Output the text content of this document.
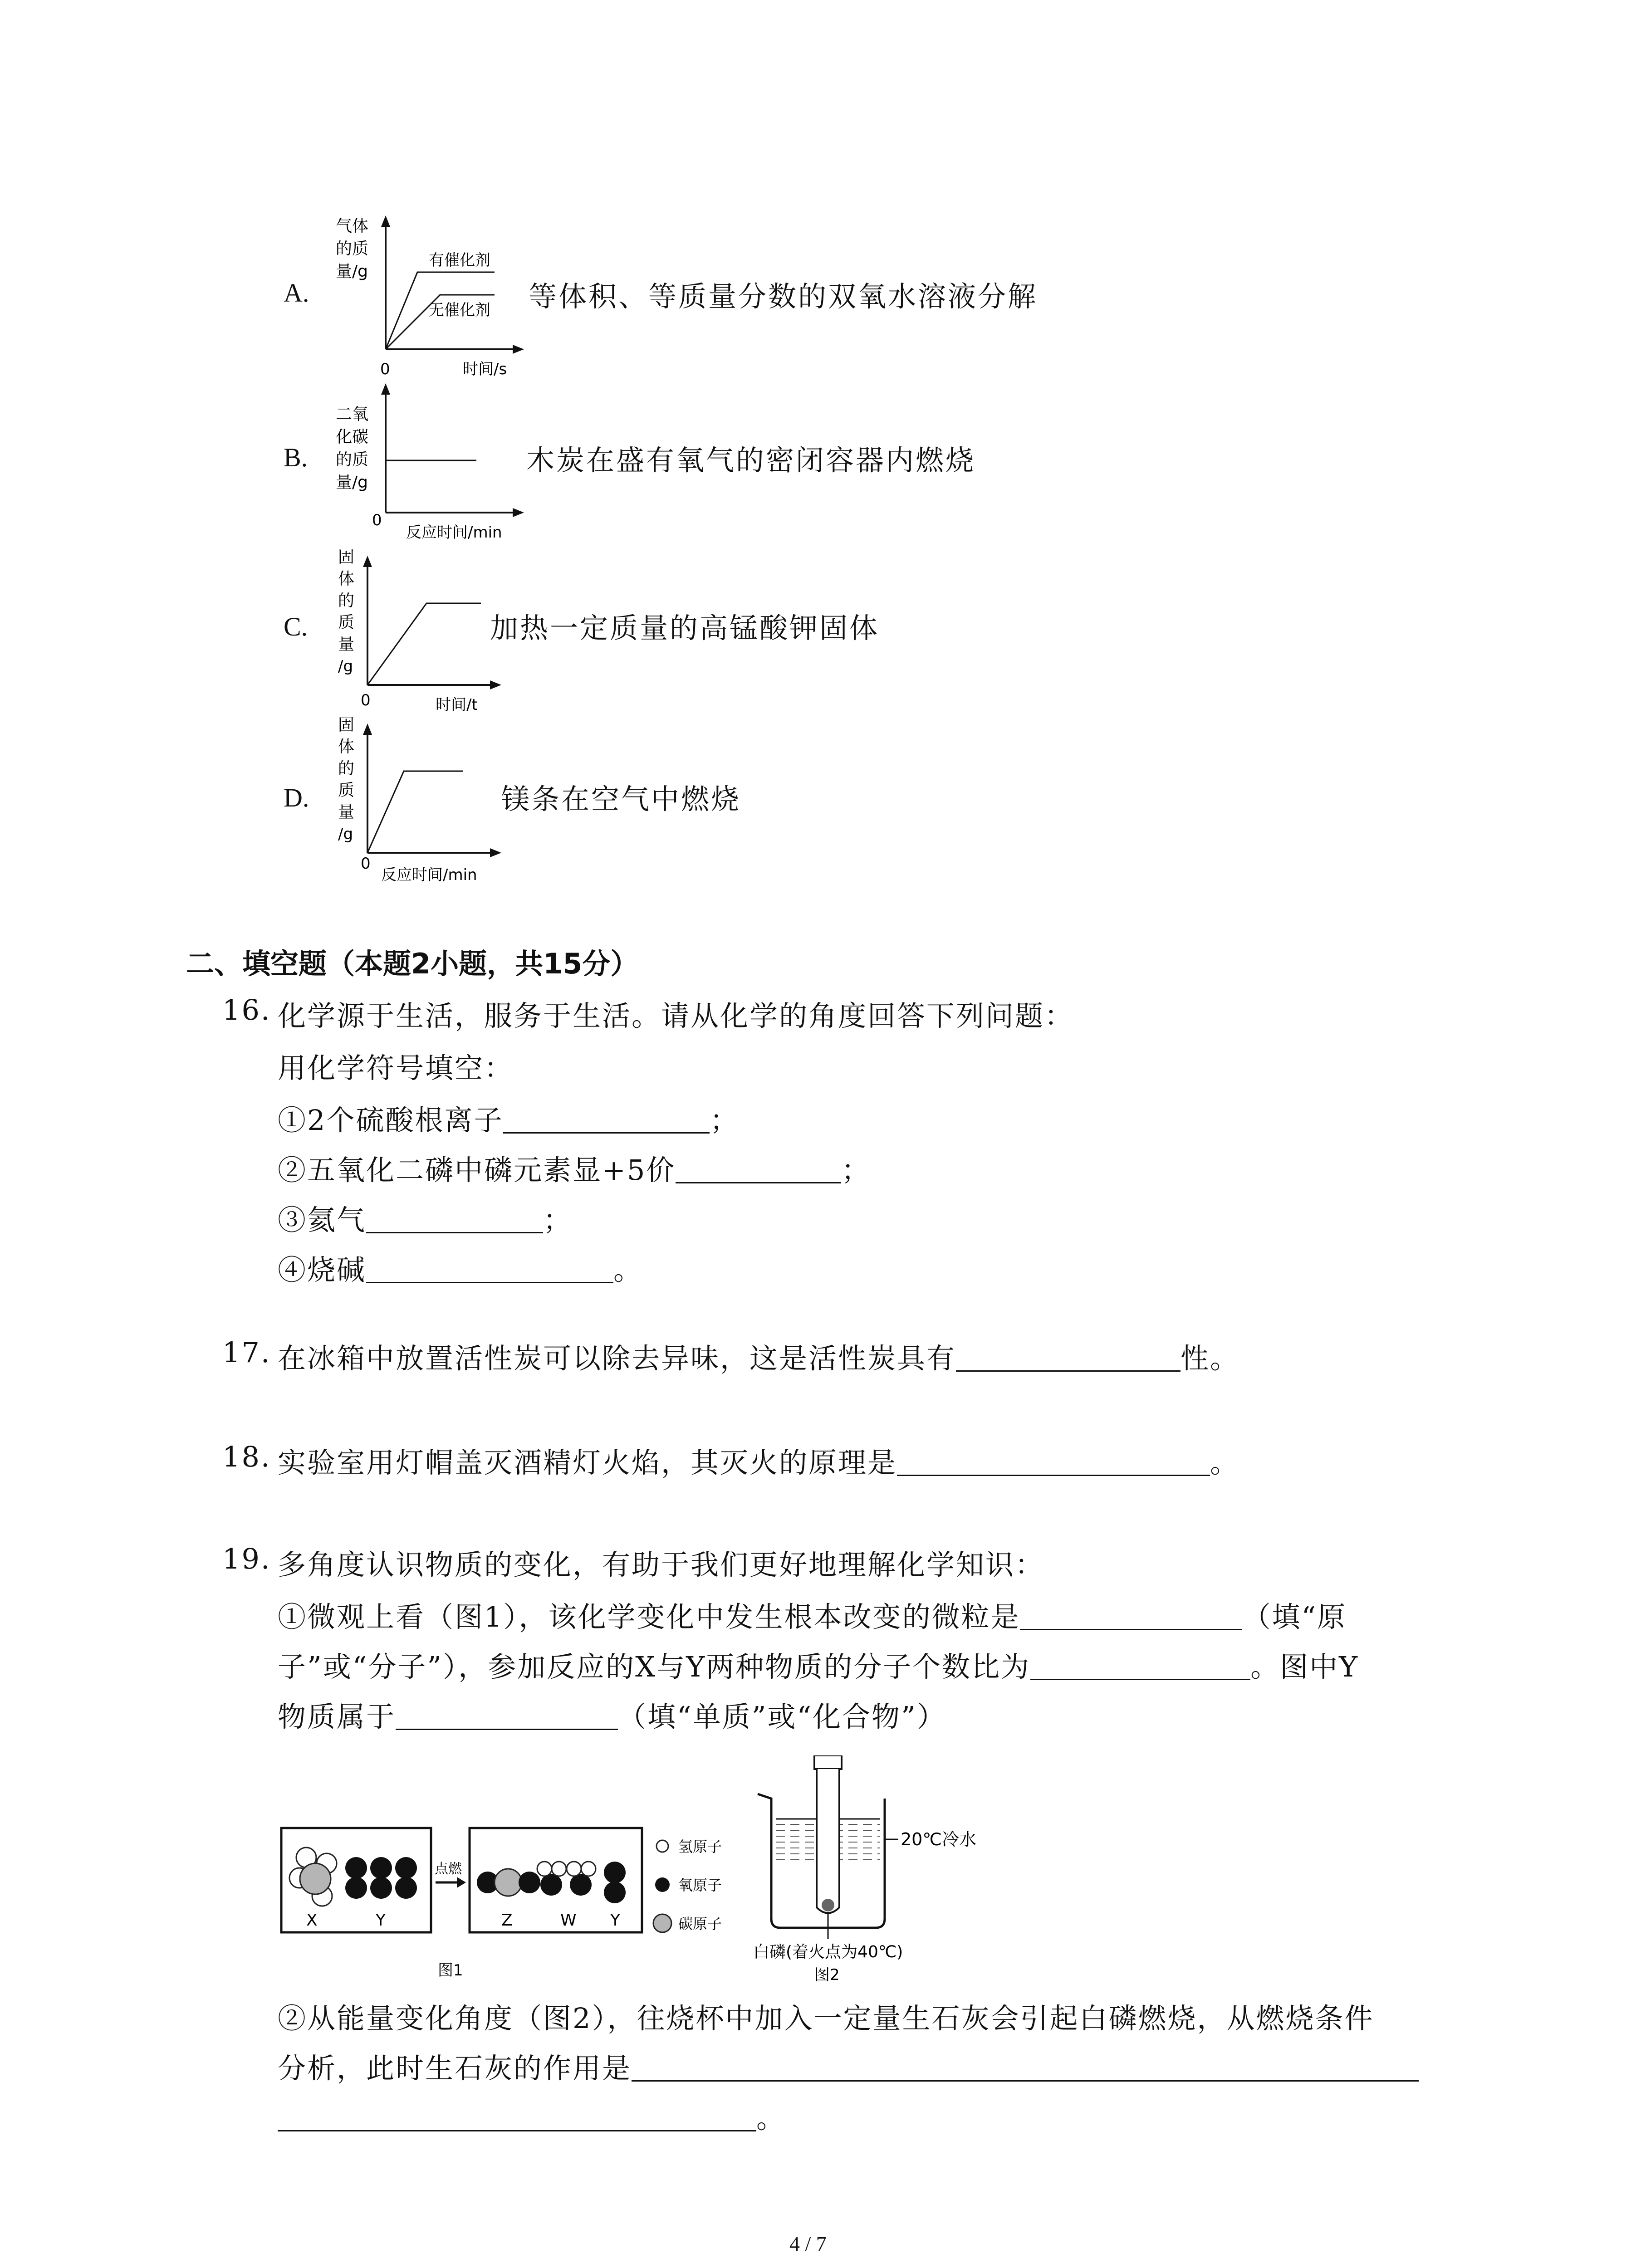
A.
气体
的质
量/g
有催化剂
无催化剂
0	时间/s
等体积、等质量分数的双氧水溶液分解
B.
二氧
化碳
的质
量/g
0
反应时间/min
木炭在盛有氧气的密闭容器内燃烧
C.
固
体
的
质
量
/g
0	时间/t
加热一定质量的高锰酸钾固体
D.
固
体
的
质
量
/g
0
反应时间/min
镁条在空气中燃烧
二、填空题（本题2小题，共15分）
16. 化学源于生活，服务于生活。请从化学的角度回答下列问题：
用化学符号填空：
①2个硫酸根离子	；
②五氧化二磷中磷元素显+5价	；
③氦气	；
④烧碱	。
17. 在冰箱中放置活性炭可以除去异味，这是活性炭具有	性。
18. 实验室用灯帽盖灭酒精灯火焰，其灭火的原理是	。
19. 多角度认识物质的变化，有助于我们更好地理解化学知识：
①微观上看（图1），该化学变化中发生根本改变的微粒是	（填“原
子”或“分子”），参加反应的X与Y两种物质的分子个数比为	。图中Y
物质属于	（填“单质”或“化合物”）
X	Y
点燃
Z	W Y
氢原子
氧原子
碳原子
图1
20℃冷水
白磷(着火点为40℃)
图2
②从能量变化角度（图2），往烧杯中加入一定量生石灰会引起白磷燃烧，从燃烧条件
分析，此时生石灰的作用是
。
4 / 7
